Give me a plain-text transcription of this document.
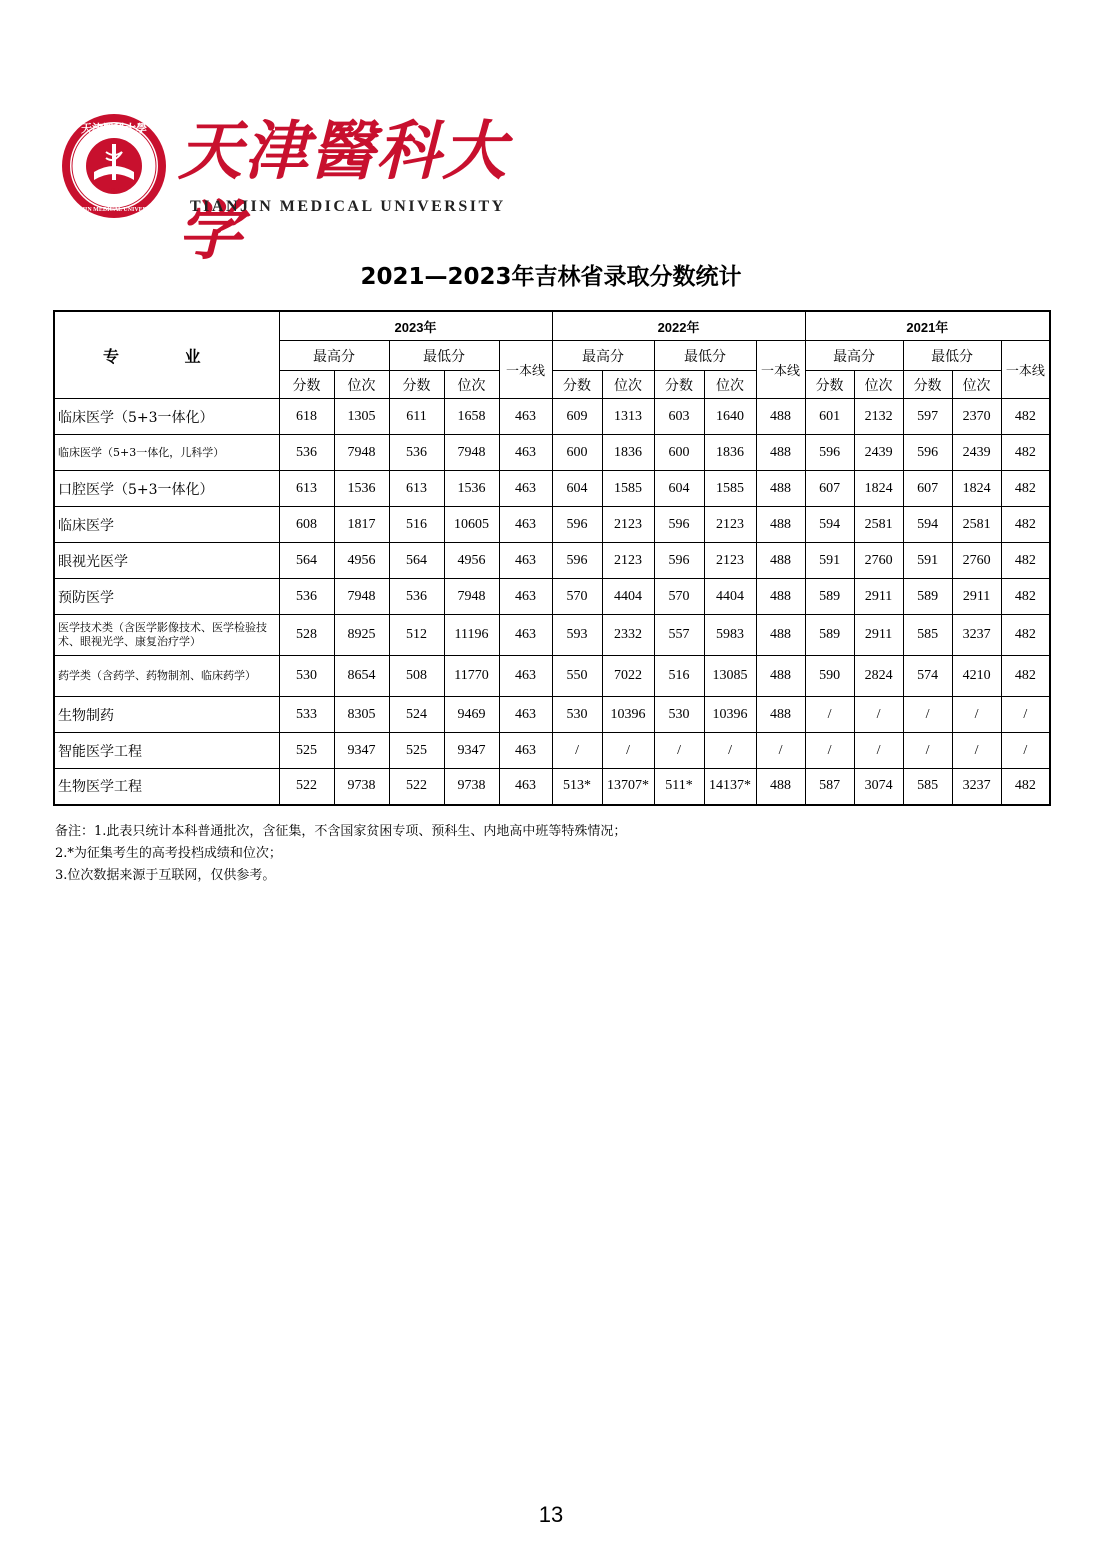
天津醫科大學
TIANJIN MEDICAL UNIVERSITY
1951
天津醫科大学
TIANJIN MEDICAL UNIVERSITY
2021—2023年吉林省录取分数统计
专 业	2023年					2022年					2021年				
	最高分		最低分		一本线	最高分		最低分		一本线	最高分		最低分		一本线
	分数	位次	分数	位次		分数	位次	分数	位次		分数	位次	分数	位次	
临床医学（5+3一体化）	618	1305	611	1658	463	609	1313	603	1640	488	601	2132	597	2370	482
临床医学（5+3一体化，儿科学）	536	7948	536	7948	463	600	1836	600	1836	488	596	2439	596	2439	482
口腔医学（5+3一体化）	613	1536	613	1536	463	604	1585	604	1585	488	607	1824	607	1824	482
临床医学	608	1817	516	10605	463	596	2123	596	2123	488	594	2581	594	2581	482
眼视光医学	564	4956	564	4956	463	596	2123	596	2123	488	591	2760	591	2760	482
预防医学	536	7948	536	7948	463	570	4404	570	4404	488	589	2911	589	2911	482
医学技术类（含医学影像技术、医学检验技术、眼视光学、康复治疗学）	528	8925	512	11196	463	593	2332	557	5983	488	589	2911	585	3237	482
药学类（含药学、药物制剂、临床药学）	530	8654	508	11770	463	550	7022	516	13085	488	590	2824	574	4210	482
生物制药	533	8305	524	9469	463	530	10396	530	10396	488	/	/	/	/	/
智能医学工程	525	9347	525	9347	463	/	/	/	/	/	/	/	/	/	/
生物医学工程	522	9738	522	9738	463	513*	13707*	511*	14137*	488	587	3074	585	3237	482
备注：1.此表只统计本科普通批次，含征集，不含国家贫困专项、预科生、内地高中班等特殊情况；
2.*为征集考生的高考投档成绩和位次；
3.位次数据来源于互联网，仅供参考。
13
